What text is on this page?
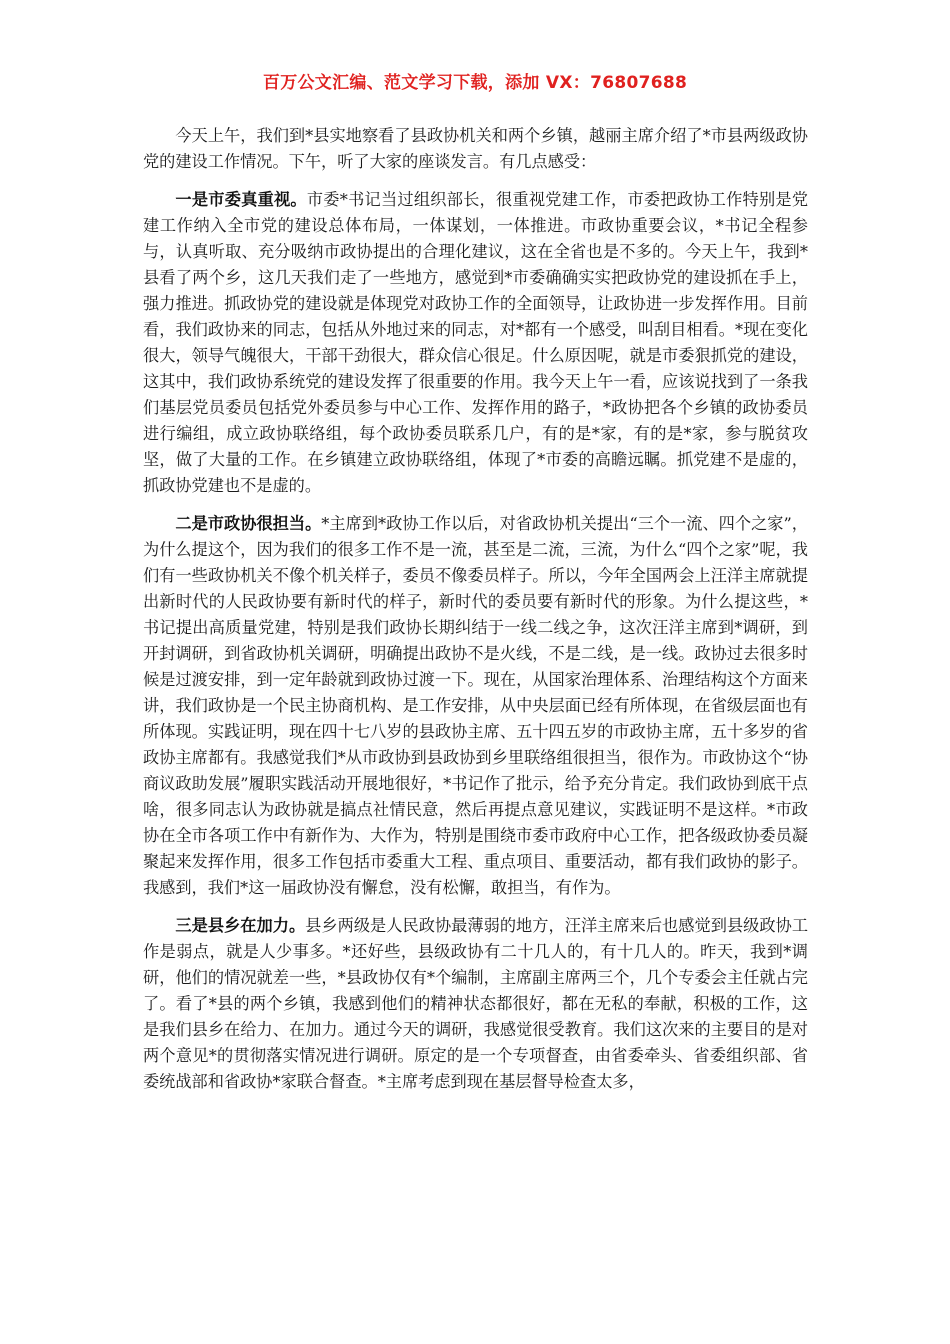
百万公文汇编、范文学习下载，添加 VX：76807688

今天上午，我们到*县实地察看了县政协机关和两个乡镇，越丽主席介绍了*市县两级政协党的建设工作情况。下午，听了大家的座谈发言。有几点感受：

一是市委真重视。市委*书记当过组织部长，很重视党建工作，市委把政协工作特别是党建工作纳入全市党的建设总体布局，一体谋划，一体推进。市政协重要会议，*书记全程参与，认真听取、充分吸纳市政协提出的合理化建议，这在全省也是不多的。今天上午，我到*县看了两个乡，这几天我们走了一些地方，感觉到*市委确确实实把政协党的建设抓在手上，强力推进。抓政协党的建设就是体现党对政协工作的全面领导，让政协进一步发挥作用。目前看，我们政协来的同志，包括从外地过来的同志，对*都有一个感受，叫刮目相看。*现在变化很大，领导气魄很大，干部干劲很大，群众信心很足。什么原因呢，就是市委狠抓党的建设，这其中，我们政协系统党的建设发挥了很重要的作用。我今天上午一看，应该说找到了一条我们基层党员委员包括党外委员参与中心工作、发挥作用的路子，*政协把各个乡镇的政协委员进行编组，成立政协联络组，每个政协委员联系几户，有的是*家，有的是*家，参与脱贫攻坚，做了大量的工作。在乡镇建立政协联络组，体现了*市委的高瞻远瞩。抓党建不是虚的，抓政协党建也不是虚的。

二是市政协很担当。*主席到*政协工作以后，对省政协机关提出“三个一流、四个之家”，为什么提这个，因为我们的很多工作不是一流，甚至是二流，三流，为什么“四个之家”呢，我们有一些政协机关不像个机关样子，委员不像委员样子。所以，今年全国两会上汪洋主席就提出新时代的人民政协要有新时代的样子，新时代的委员要有新时代的形象。为什么提这些，*书记提出高质量党建，特别是我们政协长期纠结于一线二线之争，这次汪洋主席到*调研，到开封调研，到省政协机关调研，明确提出政协不是火线，不是二线，是一线。政协过去很多时候是过渡安排，到一定年龄就到政协过渡一下。现在，从国家治理体系、治理结构这个方面来讲，我们政协是一个民主协商机构、是工作安排，从中央层面已经有所体现，在省级层面也有所体现。实践证明，现在四十七八岁的县政协主席、五十四五岁的市政协主席，五十多岁的省政协主席都有。我感觉我们*从市政协到县政协到乡里联络组很担当，很作为。市政协这个“协商议政助发展”履职实践活动开展地很好，*书记作了批示，给予充分肯定。我们政协到底干点啥，很多同志认为政协就是搞点社情民意，然后再提点意见建议，实践证明不是这样。*市政协在全市各项工作中有新作为、大作为，特别是围绕市委市政府中心工作，把各级政协委员凝聚起来发挥作用，很多工作包括市委重大工程、重点项目、重要活动，都有我们政协的影子。我感到，我们*这一届政协没有懈怠，没有松懈，敢担当，有作为。

三是县乡在加力。县乡两级是人民政协最薄弱的地方，汪洋主席来后也感觉到县级政协工作是弱点，就是人少事多。*还好些，县级政协有二十几人的，有十几人的。昨天，我到*调研，他们的情况就差一些，*县政协仅有*个编制，主席副主席两三个，几个专委会主任就占完了。看了*县的两个乡镇，我感到他们的精神状态都很好，都在无私的奉献，积极的工作，这是我们县乡在给力、在加力。通过今天的调研，我感觉很受教育。我们这次来的主要目的是对两个意见*的贯彻落实情况进行调研。原定的是一个专项督查，由省委牵头、省委组织部、省委统战部和省政协*家联合督查。*主席考虑到现在基层督导检查太多，
